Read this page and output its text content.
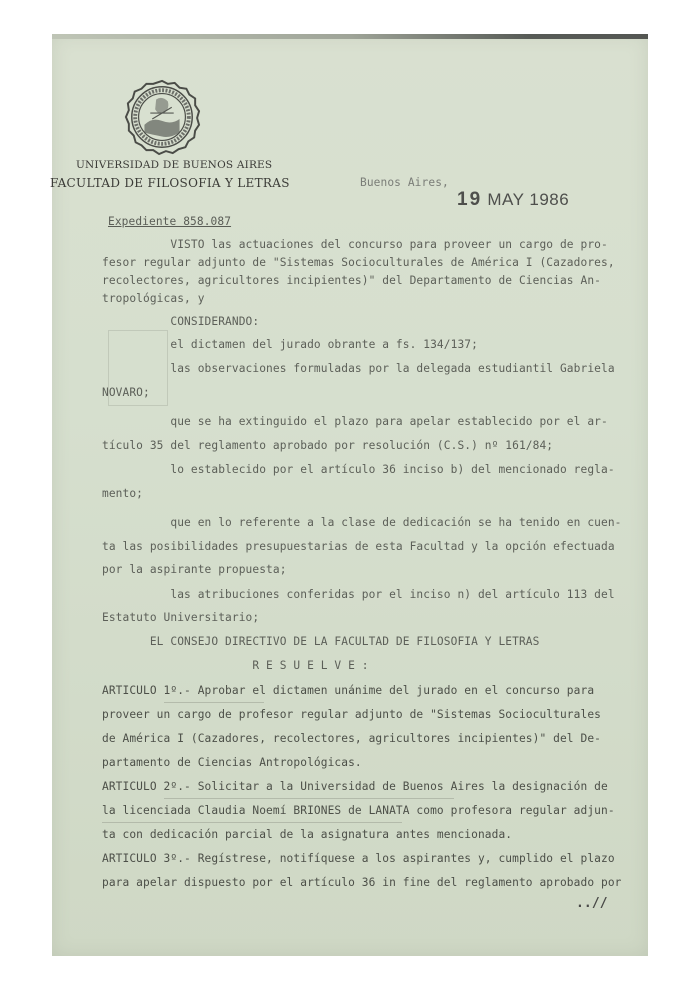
UNIVERSIDAD DE BUENOS AIRES
FACULTAD DE FILOSOFIA Y LETRAS	Buenos Aires,
19 MAY 1986
Expediente 858.087
VISTO las actuaciones del concurso para proveer un cargo de pro-
fesor regular adjunto de "Sistemas Socioculturales de América I (Cazadores,
recolectores, agricultores incipientes)" del Departamento de Ciencias An-
tropológicas, y
CONSIDERANDO:
el dictamen del jurado obrante a fs. 134/137;
las observaciones formuladas por la delegada estudiantil Gabriela
NOVARO;
que se ha extinguido el plazo para apelar establecido por el ar-
tículo 35 del reglamento aprobado por resolución (C.S.) nº 161/84;
lo establecido por el artículo 36 inciso b) del mencionado regla-
mento;
que en lo referente a la clase de dedicación se ha tenido en cuen-
ta las posibilidades presupuestarias de esta Facultad y la opción efectuada
por la aspirante propuesta;
las atribuciones conferidas por el inciso n) del artículo 113 del
Estatuto Universitario;
EL CONSEJO DIRECTIVO DE LA FACULTAD DE FILOSOFIA Y LETRAS
R E S U E L V E :
ARTICULO 1º.- Aprobar el dictamen unánime del jurado en el concurso para
proveer un cargo de profesor regular adjunto de "Sistemas Socioculturales
de América I (Cazadores, recolectores, agricultores incipientes)" del De-
partamento de Ciencias Antropológicas.
ARTICULO 2º.- Solicitar a la Universidad de Buenos Aires la designación de
la licenciada Claudia Noemí BRIONES de LANATA como profesora regular adjun-
ta con dedicación parcial de la asignatura antes mencionada.
ARTICULO 3º.- Regístrese, notifíquese a los aspirantes y, cumplido el plazo
para apelar dispuesto por el artículo 36 in fine del reglamento aprobado por
..//
